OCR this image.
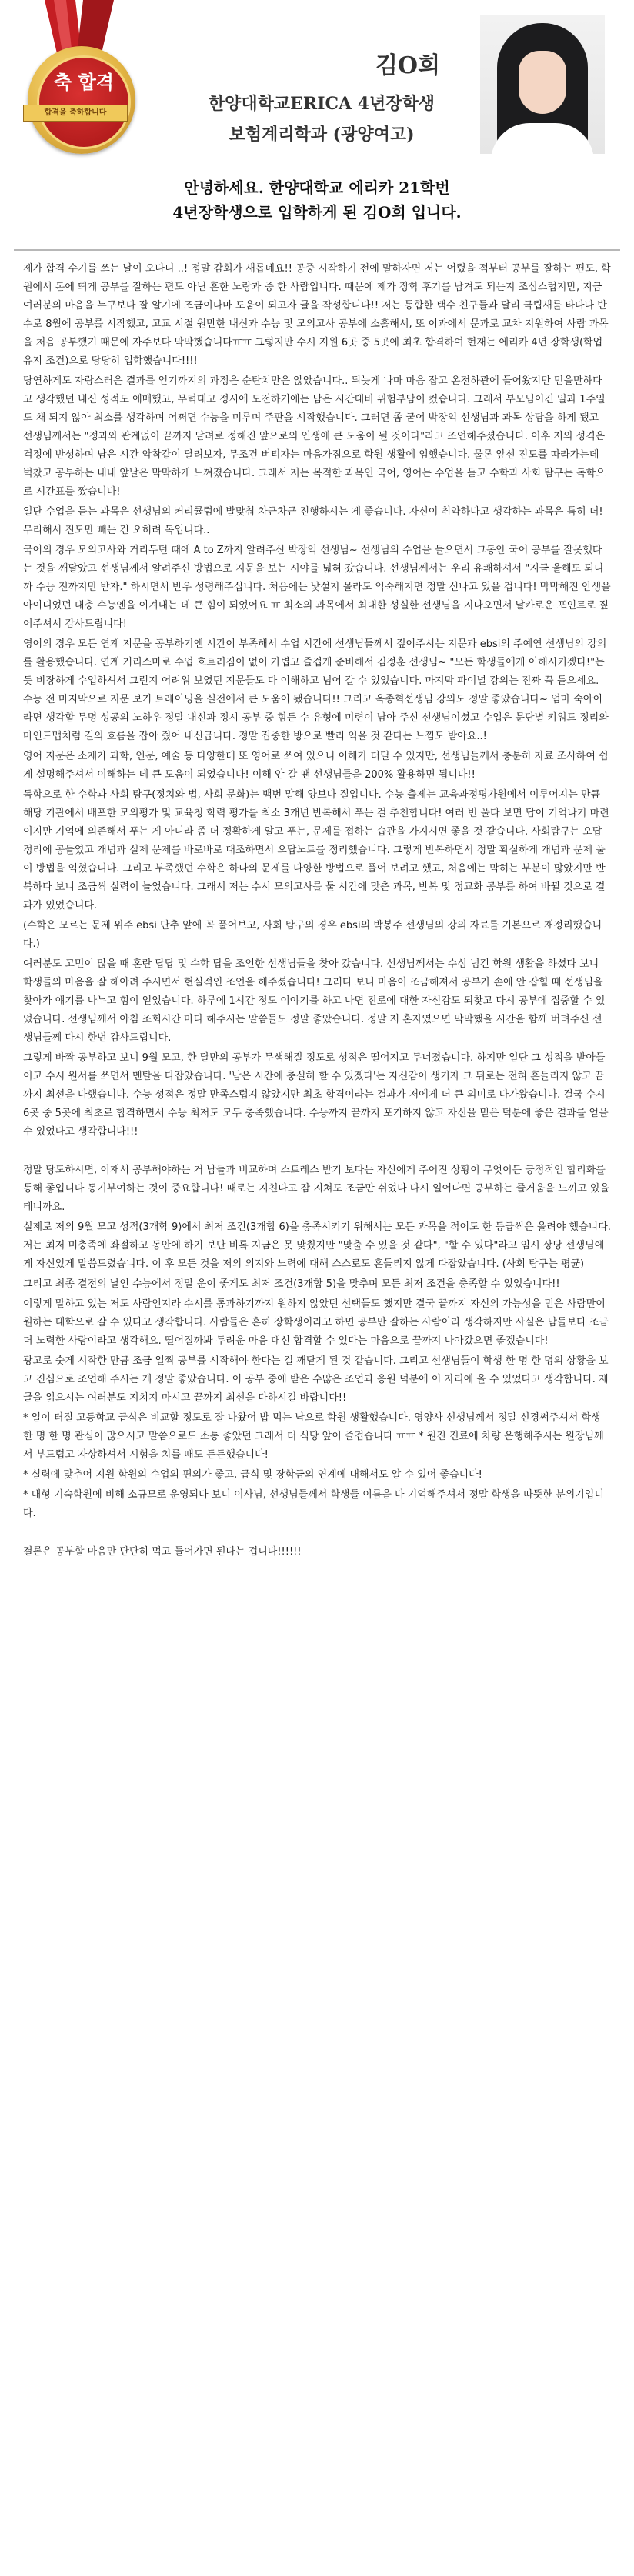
축 합격
합격을 축하합니다
김O희
한양대학교ERICA 4년장학생
보험계리학과 (광양여고)
안녕하세요. 한양대학교 에리카 21학번
4년장학생으로 입학하게 된 김O희 입니다.

제가 합격 수기를 쓰는 날이 오다니 ..! 정말 감회가 새롭네요!! 공중 시작하기 전에 말하자면 저는 어렸을 적부터 공부를 잘하는 편도, 학원에서 돈에 띄게 공부를 잘하는 편도 아닌 흔한 노랑과 중 한 사람입니다. 때문에 제가 장학 후기를 남겨도 되는지 조심스럽지만, 지금 여러분의 마음을 누구보다 잘 알기에 조금이나마 도움이 되고자 글을 작성합니다!! 저는 통합한 택수 친구들과 달리 극립새를 타다다 반수로 8월에 공부를 시작했고, 고교 시절 원만한 내신과 수능 및 모의고사 공부에 소홀해서, 또 이과에서 문과로 교차 지원하여 사람 과목을 처음 공부했기 때문에 자주보다 막막했습니다ㅠㅠ 그렇지만 수시 지원 6곳 중 5곳에 최초 합격하여 현재는 에리카 4년 장학생(학업 유지 조건)으로 당당히 입학했습니다!!!!

당연하게도 자랑스러운 결과를 얻기까지의 과정은 순탄치만은 않았습니다.. 뒤늦게 나마 마음 잡고 온전하관에 들어왔지만 믿을만하다고 생각했던 내신 성적도 애매했고, 무턱대고 정시에 도전하기에는 남은 시간대비 위험부담이 컸습니다. 그래서 부모님이긴 일과 1주일도 채 되지 않아 최소를 생각하며 어쩌면 수능을 미루며 주판을 시작했습니다. 그러면 좀 굳어 박장익 선생님과 과목 상담을 하게 됐고 선생님께서는 "정과와 관계없이 끝까지 달려로 정해진 앞으로의 인생에 큰 도움이 될 것이다"라고 조언해주셨습니다. 이후 저의 성격은 걱정에 반성하며 남은 시간 악착같이 달려보자, 무조건 버티자는 마음가짐으로 학원 생활에 임했습니다. 물론 앞선 진도를 따라가는데 벅찼고 공부하는 내내 앞날은 막막하게 느껴졌습니다. 그래서 저는 목적한 과목인 국어, 영어는 수업을 듣고 수학과 사회 탐구는 독학으로 시간표를 짰습니다!

일단 수업을 듣는 과목은 선생님의 커리큘럼에 발맞춰 차근차근 진행하시는 게 좋습니다. 자신이 취약하다고 생각하는 과목은 특히 더! 무리해서 진도만 빼는 건 오히려 독입니다..

국어의 경우 모의고사와 거리두던 때에 A to Z까지 알려주신 박장익 선생님~ 선생님의 수업을 들으면서 그동안 국어 공부를 잘못했다는 것을 깨달았고 선생님께서 알려주신 방법으로 지문을 보는 시야를 넓혀 갔습니다. 선생님께서는 우리 유쾌하셔서 "지금 울해도 되니까 수능 전까지만 받자." 하시면서 반우 성령해주십니다. 처음에는 낯설지 몰라도 익숙해지면 정말 신나고 있을 겁니다! 막막해진 안생을 아이디었던 대충 수능엔을 이겨내는 데 큰 힘이 되었어요 ㅠ 최소의 과목에서 최대한 성실한 선생님을 지나오면서 날카로운 포인트로 짚어주셔서 감사드립니다!

영어의 경우 모든 연계 지문을 공부하기엔 시간이 부족해서 수업 시간에 선생님들께서 짚어주시는 지문과 ebsi의 주예연 선생님의 강의를 활용했습니다. 연계 거리스마로 수업 흐트러짐이 없이 가볍고 즐겁게 준비해서 김정훈 선생님~ "모든 학생들에게 이해시키겠다!"는 듯 비장하게 수업하셔서 그런지 어려워 보였던 지문들도 다 이해하고 넘어 갈 수 있었습니다. 마지막 파이널 강의는 진짜 꼭 듣으세요. 수능 전 마지막으로 지문 보기 트레이닝을 실전에서 큰 도움이 됐습니다!! 그리고 옥종혁선생님 강의도 정말 좋았습니다~ 엄마 숙아이라면 생각할 무명 성공의 노하우 정말 내신과 정시 공부 중 힘든 수 유형에 미련이 남아 주신 선생님이셨고 수업은 문단별 키워드 정리와 마인드맵처럼 길의 흐름을 잡아 줬어 내신급니다. 정말 집중한 방으로 빨리 익을 것 같다는 느낌도 받아요..!

영어 지문은 소재가 과학, 인문, 예술 등 다양한데 또 영어로 쓰여 있으니 이해가 더딜 수 있지만, 선생님들께서 충분히 자료 조사하여 쉽게 설명해주셔서 이해하는 데 큰 도움이 되었습니다! 이해 안 갈 땐 선생님들을 200% 활용하면 됩니다!!

독학으로 한 수학과 사회 탐구(정치와 법, 사회 문화)는 백번 말해 양보다 질입니다. 수능 출제는 교육과정평가원에서 이루어지는 만큼 해당 기관에서 배포한 모의평가 및 교육청 학력 평가를 최소 3개년 반복해서 푸는 걸 추천합니다! 여러 번 풀다 보면 답이 기억나기 마련이지만 기억에 의존해서 푸는 게 아니라 좀 더 정확하게 알고 푸는, 문제를 접하는 습관을 가지시면 좋을 것 같습니다. 사회탐구는 오답 정리에 공들였고 개념과 실제 문제를 바로바로 대조하면서 오답노트를 정리했습니다. 그렇게 반복하면서 정말 확실하게 개념과 문제 풀이 방법을 익혔습니다. 그리고 부족했던 수학은 하나의 문제를 다양한 방법으로 풀어 보려고 했고, 처음에는 막히는 부분이 많았지만 반복하다 보니 조금씩 실력이 늘었습니다. 그래서 저는 수시 모의고사를 둘 시간에 맞춘 과목, 반복 및 정교화 공부를 하여 바뀔 것으로 결과가 있었습니다.

(수학은 모르는 문제 위주 ebsi 단추 앞에 꼭 풀어보고, 사회 탐구의 경우 ebsi의 박봉주 선생님의 강의 자료를 기본으로 재정리했습니다.)

여러분도 고민이 많을 때 혼란 답답 및 수학 답을 조언한 선생님들을 찾아 갔습니다. 선생님께서는 수심 넘긴 학원 생활을 하셨다 보니 학생들의 마음을 잘 헤아려 주시면서 현실적인 조언을 해주셨습니다! 그러다 보니 마음이 조금해져서 공부가 손에 안 잡힐 때 선생님을 찾아가 얘기를 나누고 힘이 얻었습니다. 하루에 1시간 정도 이야기를 하고 나면 진로에 대한 자신감도 되찾고 다시 공부에 집중할 수 있었습니다. 선생님께서 아침 조회시간 마다 해주시는 말씀들도 정말 좋았습니다. 정말 저 혼자였으면 막막했을 시간을 함께 버텨주신 선생님들께 다시 한번 감사드립니다.

그렇게 바짝 공부하고 보니 9월 모고, 한 달만의 공부가 무색해질 정도로 성적은 떨어지고 무너졌습니다. 하지만 일단 그 성적을 받아들이고 수시 원서를 쓰면서 멘탈을 다잡았습니다. '남은 시간에 충실히 할 수 있겠다'는 자신감이 생기자 그 뒤로는 전혀 흔들리지 않고 끝까지 최선을 다했습니다. 수능 성적은 정말 만족스럽지 않았지만 최초 합격이라는 결과가 저에게 더 큰 의미로 다가왔습니다. 결국 수시 6곳 중 5곳에 최초로 합격하면서 수능 최저도 모두 충족했습니다. 수능까지 끝까지 포기하지 않고 자신을 믿은 덕분에 좋은 결과를 얻을 수 있었다고 생각합니다!!!

정말 당도하시면, 이재서 공부해야하는 거 남들과 비교하며 스트레스 받기 보다는 자신에게 주어진 상황이 무엇이든 긍정적인 합리화를 통해 좋입니다 동기부여하는 것이 중요합니다! 때로는 지친다고 잠 지쳐도 조금만 쉬었다 다시 일어나면 공부하는 즐거움을 느끼고 있을 테니까요.

실제로 저의 9월 모고 성적(3개학 9)에서 최저 조건(3개합 6)을 충족시키기 위해서는 모든 과목을 적어도 한 등급씩은 올려야 했습니다. 저는 최저 미충족에 좌절하고 동안에 하기 보단 비록 지금은 못 맞췄지만 "맞출 수 있을 것 같다", "할 수 있다"라고 임시 상당 선생님에게 자신있게 말씀드렸습니다. 이 후 모든 것을 저의 의지와 노력에 대해 스스로도 흔들리지 않게 다잡았습니다. (사회 탐구는 평균)

그리고 최종 결전의 날인 수능에서 정말 운이 좋게도 최저 조건(3개합 5)을 맞추며 모든 최저 조건을 충족할 수 있었습니다!!

이렇게 말하고 있는 저도 사람인지라 수시를 통과하기까지 원하지 않았던 선택들도 했지만 결국 끝까지 자신의 가능성을 믿은 사람만이 원하는 대학으로 갈 수 있다고 생각합니다. 사람들은 흔히 장학생이라고 하면 공부만 잘하는 사람이라 생각하지만 사실은 남들보다 조금 더 노력한 사람이라고 생각해요. 떨어질까봐 두려운 마음 대신 합격할 수 있다는 마음으로 끝까지 나아갔으면 좋겠습니다!

광고로 숫게 시작한 만큼 조금 일찍 공부를 시작해야 한다는 걸 깨닫게 된 것 같습니다. 그리고 선생님들이 학생 한 명 한 명의 상황을 보고 진심으로 조언해 주시는 게 정말 좋았습니다. 이 공부 중에 받은 수많은 조언과 응원 덕분에 이 자리에 올 수 있었다고 생각합니다. 제 글을 읽으시는 여러분도 지치지 마시고 끝까지 최선을 다하시길 바랍니다!!

* 일이 터질 고등학교 급식은 비교할 정도로 잘 나왔어 밥 먹는 낙으로 학원 생활했습니다. 영양사 선생님께서 정말 신경써주셔서 학생 한 명 한 명 관심이 많으시고 말씀으로도 소통 좋았던 그래서 더 식당 앞이 즐겁습니다 ㅠㅠ * 원진 진료에 차량 운행해주시는 원장님께서 부드럽고 자상하셔서 시험을 치를 때도 든든했습니다!

* 실력에 맞추어 지원 학원의 수업의 편의가 좋고, 급식 및 장학금의 연계에 대해서도 알 수 있어 좋습니다!

* 대형 기숙학원에 비해 소규모로 운영되다 보니 이사님, 선생님들께서 학생들 이름을 다 기억해주셔서 정말 학생을 따뜻한 분위기입니다.

결론은 공부할 마음만 단단히 먹고 들어가면 된다는 겁니다!!!!!!
